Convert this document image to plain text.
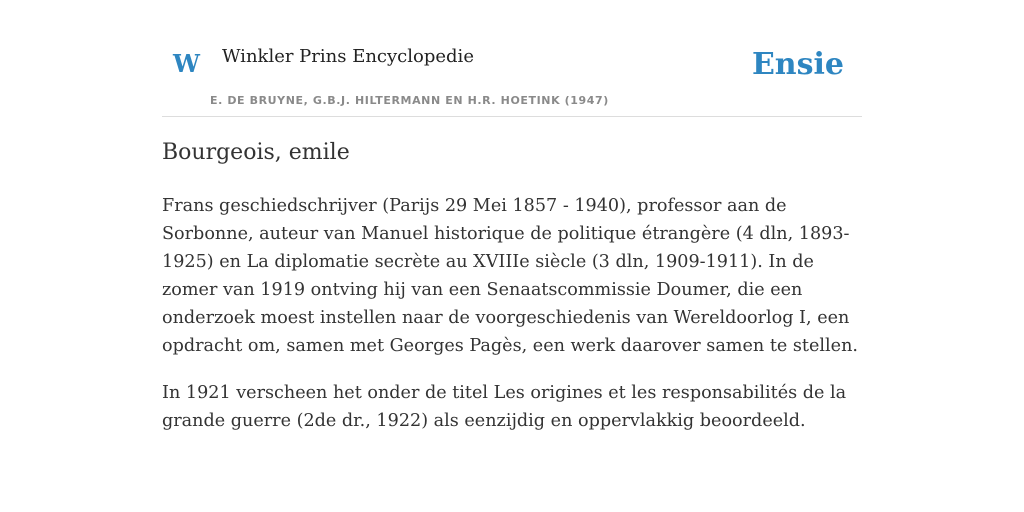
W Winkler Prins Encyclopedie
E. DE BRUYNE, G.B.J. HILTERMANN EN H.R. HOETINK (1947)
Ensie
Bourgeois, emile

Frans geschiedschrijver (Parijs 29 Mei 1857 - 1940), professor aan de Sorbonne, auteur van Manuel historique de politique étrangère (4 dln, 1893-1925) en La diplomatie secrète au XVIIIe siècle (3 dln, 1909-1911). In de zomer van 1919 ontving hij van een Senaatscommissie Doumer, die een onderzoek moest instellen naar de voorgeschiedenis van Wereldoorlog I, een opdracht om, samen met Georges Pagès, een werk daarover samen te stellen.

In 1921 verscheen het onder de titel Les origines et les responsabilités de la grande guerre (2de dr., 1922) als eenzijdig en oppervlakkig beoordeeld.
